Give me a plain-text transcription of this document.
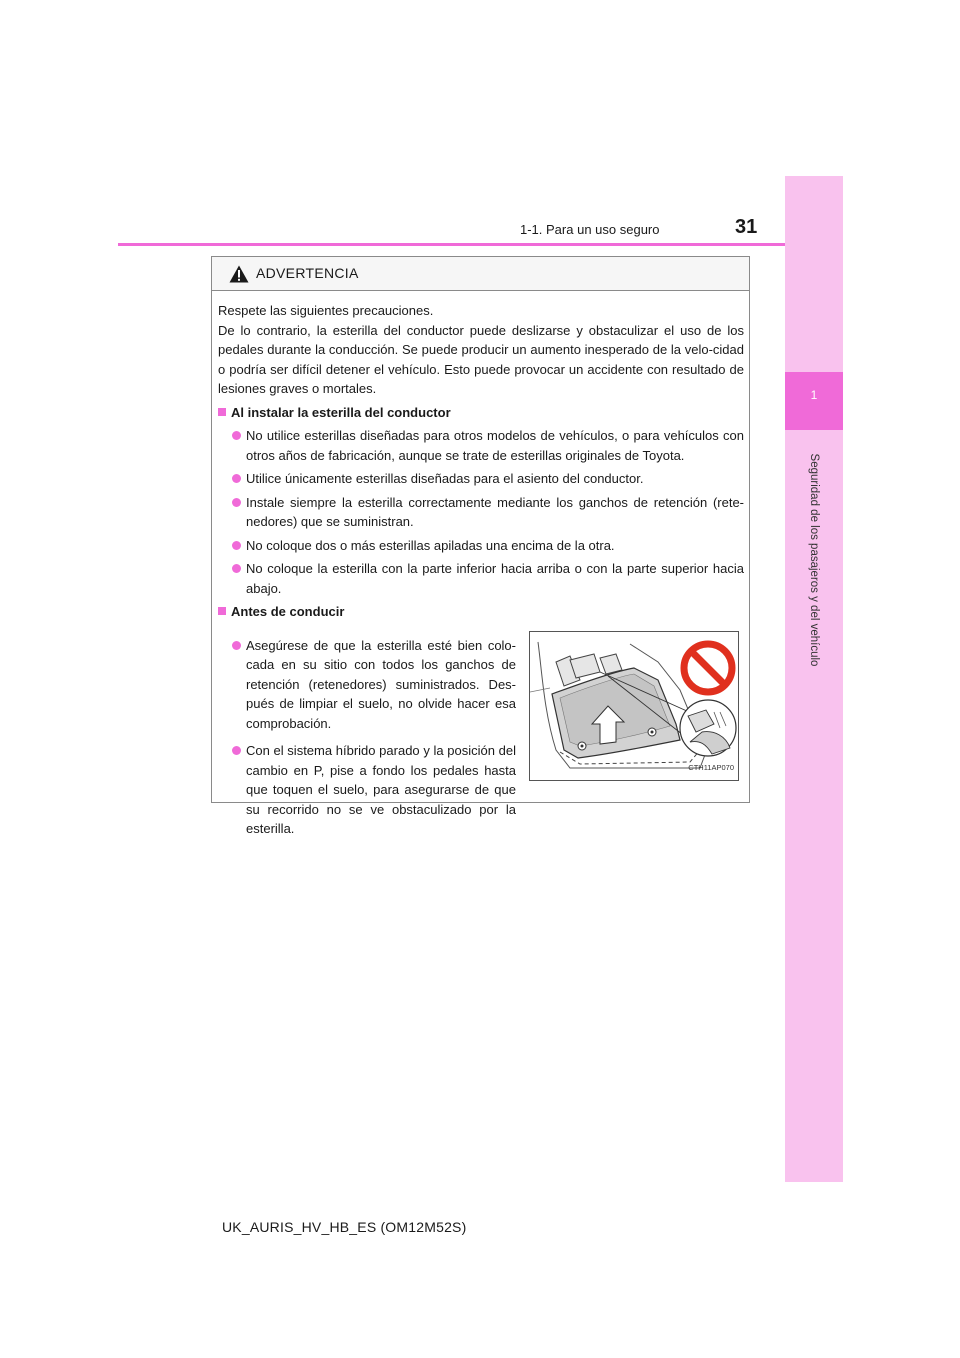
1
Seguridad de los pasajeros y del vehículo
1-1. Para un uso seguro	31
ADVERTENCIA
Respete las siguientes precauciones.
De lo contrario, la esterilla del conductor puede deslizarse y obstaculizar el uso de los pedales durante la conducción. Se puede producir un aumento inesperado de la velo-cidad o podría ser difícil detener el vehículo. Esto puede provocar un accidente con resultado de lesiones graves o mortales.
Al instalar la esterilla del conductor
No utilice esterillas diseñadas para otros modelos de vehículos, o para vehículos con otros años de fabricación, aunque se trate de esterillas originales de Toyota.
Utilice únicamente esterillas diseñadas para el asiento del conductor.
Instale siempre la esterilla correctamente mediante los ganchos de retención (rete-nedores) que se suministran.
No coloque dos o más esterillas apiladas una encima de la otra.
No coloque la esterilla con la parte inferior hacia arriba o con la parte superior hacia abajo.
Antes de conducir
Asegúrese de que la esterilla esté bien colo-cada en su sitio con todos los ganchos de retención (retenedores) suministrados. Des-pués de limpiar el suelo, no olvide hacer esa comprobación.
Con el sistema híbrido parado y la posición del cambio en P, pise a fondo los pedales hasta que toquen el suelo, para asegurarse de que su recorrido no se ve obstaculizado por la esterilla.
CTH11AP070
UK_AURIS_HV_HB_ES (OM12M52S)
